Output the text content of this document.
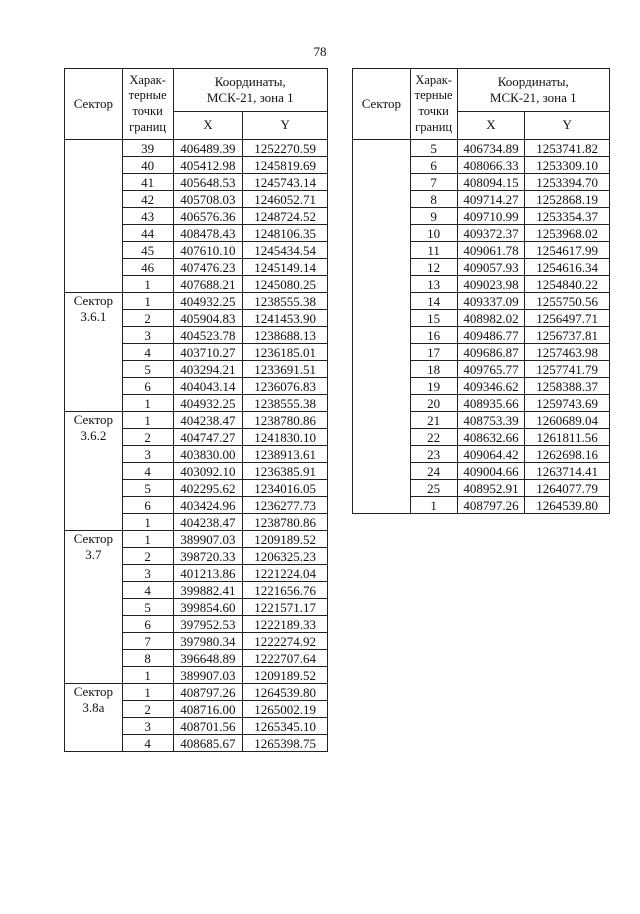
78
Сектор	Харак-
терные
точки
границ	Координаты,
МСК-21, зона 1	
		X	Y

	39	406489.39	1252270.59
	40	405412.98	1245819.69
	41	405648.53	1245743.14
	42	405708.03	1246052.71
	43	406576.36	1248724.52
	44	408478.43	1248106.35
	45	407610.10	1245434.54
	46	407476.23	1245149.14
	1	407688.21	1245080.25
Сектор
3.6.1	1	404932.25	1238555.38
	2	405904.83	1241453.90
	3	404523.78	1238688.13
	4	403710.27	1236185.01
	5	403294.21	1233691.51
	6	404043.14	1236076.83
	1	404932.25	1238555.38
Сектор
3.6.2	1	404238.47	1238780.86
	2	404747.27	1241830.10
	3	403830.00	1238913.61
	4	403092.10	1236385.91
	5	402295.62	1234016.05
	6	403424.96	1236277.73
	1	404238.47	1238780.86
Сектор
3.7	1	389907.03	1209189.52
	2	398720.33	1206325.23
	3	401213.86	1221224.04
	4	399882.41	1221656.76
	5	399854.60	1221571.17
	6	397952.53	1222189.33
	7	397980.34	1222274.92
	8	396648.89	1222707.64
	1	389907.03	1209189.52
Сектор
3.8а	1	408797.26	1264539.80
	2	408716.00	1265002.19
	3	408701.56	1265345.10
	4	408685.67	1265398.75
Сектор	Харак-
терные
точки
границ	Координаты,
МСК-21, зона 1	
		X	Y

	5	406734.89	1253741.82
	6	408066.33	1253309.10
	7	408094.15	1253394.70
	8	409714.27	1252868.19
	9	409710.99	1253354.37
	10	409372.37	1253968.02
	11	409061.78	1254617.99
	12	409057.93	1254616.34
	13	409023.98	1254840.22
	14	409337.09	1255750.56
	15	408982.02	1256497.71
	16	409486.77	1256737.81
	17	409686.87	1257463.98
	18	409765.77	1257741.79
	19	409346.62	1258388.37
	20	408935.66	1259743.69
	21	408753.39	1260689.04
	22	408632.66	1261811.56
	23	409064.42	1262698.16
	24	409004.66	1263714.41
	25	408952.91	1264077.79
	1	408797.26	1264539.80
